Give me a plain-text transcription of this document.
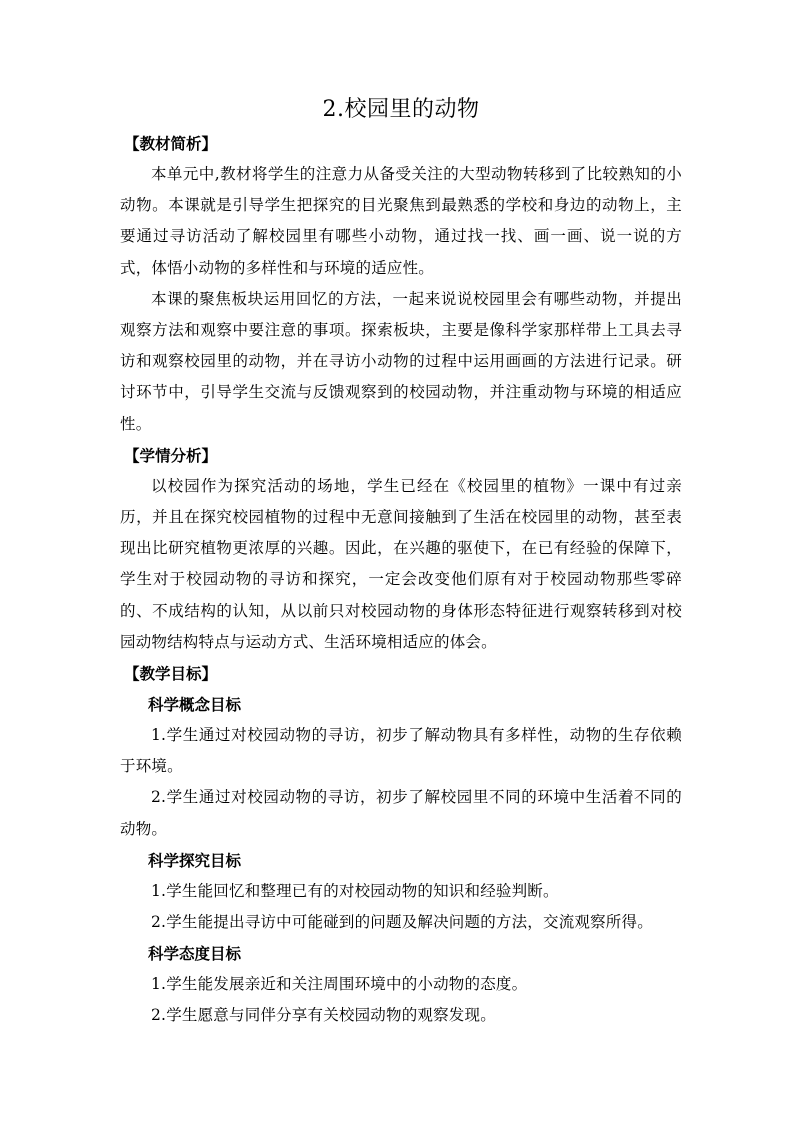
2.校园里的动物

【教材简析】

本单元中,教材将学生的注意力从备受关注的大型动物转移到了比较熟知的小动物。本课就是引导学生把探究的目光聚焦到最熟悉的学校和身边的动物上，主要通过寻访活动了解校园里有哪些小动物，通过找一找、画一画、说一说的方式，体悟小动物的多样性和与环境的适应性。

本课的聚焦板块运用回忆的方法，一起来说说校园里会有哪些动物，并提出观察方法和观察中要注意的事项。探索板块，主要是像科学家那样带上工具去寻访和观察校园里的动物，并在寻访小动物的过程中运用画画的方法进行记录。研讨环节中，引导学生交流与反馈观察到的校园动物，并注重动物与环境的相适应性。

【学情分析】

以校园作为探究活动的场地，学生已经在《校园里的植物》一课中有过亲历，并且在探究校园植物的过程中无意间接触到了生活在校园里的动物，甚至表现出比研究植物更浓厚的兴趣。因此，在兴趣的驱使下，在已有经验的保障下，学生对于校园动物的寻访和探究，一定会改变他们原有对于校园动物那些零碎的、不成结构的认知，从以前只对校园动物的身体形态特征进行观察转移到对校园动物结构特点与运动方式、生活环境相适应的体会。

【教学目标】

科学概念目标

1.学生通过对校园动物的寻访，初步了解动物具有多样性，动物的生存依赖于环境。

2.学生通过对校园动物的寻访，初步了解校园里不同的环境中生活着不同的动物。

科学探究目标

1.学生能回忆和整理已有的对校园动物的知识和经验判断。

2.学生能提出寻访中可能碰到的问题及解决问题的方法，交流观察所得。

科学态度目标

1.学生能发展亲近和关注周围环境中的小动物的态度。

2.学生愿意与同伴分享有关校园动物的观察发现。
